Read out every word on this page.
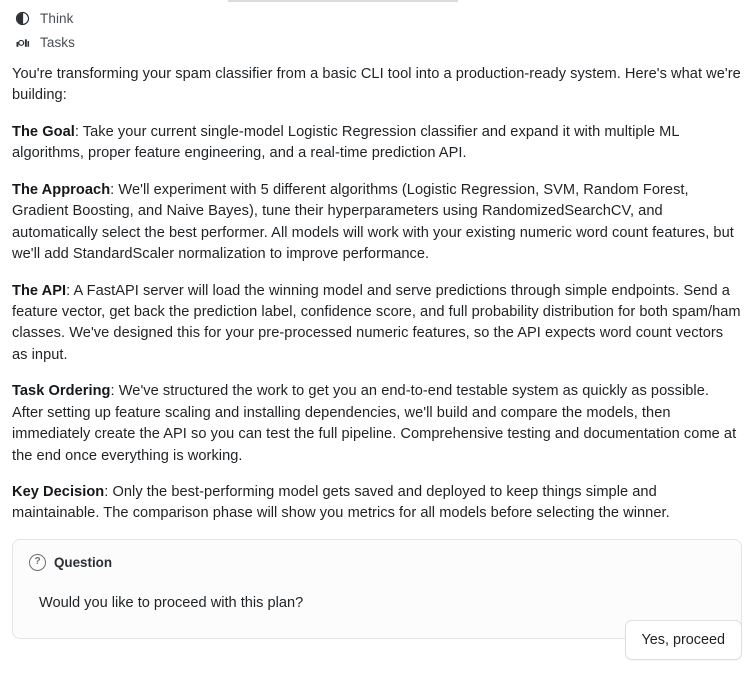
Think
Tasks

You're transforming your spam classifier from a basic CLI tool into a production-ready system. Here's what we're building:

The Goal: Take your current single-model Logistic Regression classifier and expand it with multiple ML algorithms, proper feature engineering, and a real-time prediction API.

The Approach: We'll experiment with 5 different algorithms (Logistic Regression, SVM, Random Forest, Gradient Boosting, and Naive Bayes), tune their hyperparameters using RandomizedSearchCV, and automatically select the best performer. All models will work with your existing numeric word count features, but we'll add StandardScaler normalization to improve performance.

The API: A FastAPI server will load the winning model and serve predictions through simple endpoints. Send a feature vector, get back the prediction label, confidence score, and full probability distribution for both spam/ham classes. We've designed this for your pre-processed numeric features, so the API expects word count vectors as input.

Task Ordering: We've structured the work to get you an end-to-end testable system as quickly as possible. After setting up feature scaling and installing dependencies, we'll build and compare the models, then immediately create the API so you can test the full pipeline. Comprehensive testing and documentation come at the end once everything is working.

Key Decision: Only the best-performing model gets saved and deployed to keep things simple and maintainable. The comparison phase will show you metrics for all models before selecting the winner.

?	Question
Would you like to proceed with this plan?
Yes, proceed
